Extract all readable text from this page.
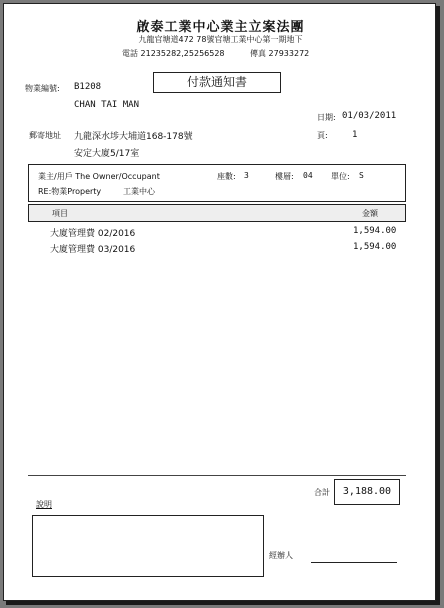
啟泰工業中心業主立案法團
九龍官塘道472 78號官塘工業中心第一期地下
電話 21235282,25256528	傳真 27933272
付款通知書
物業編號: B1208
CHAN TAI MAN
日期: 01/03/2011
郵寄地址 九龍深水埗大埔道168-178號
安定大廈5/17室
頁:	1
業主/用戶 The Owner/Occupant	座數: 3	樓層: 04 單位: S
RE:物業Property	工業中心
項目	金額
大廈管理費 02/2016	1,594.00
大廈管理費 03/2016	1,594.00
合計	3,188.00
說明
經辦人
